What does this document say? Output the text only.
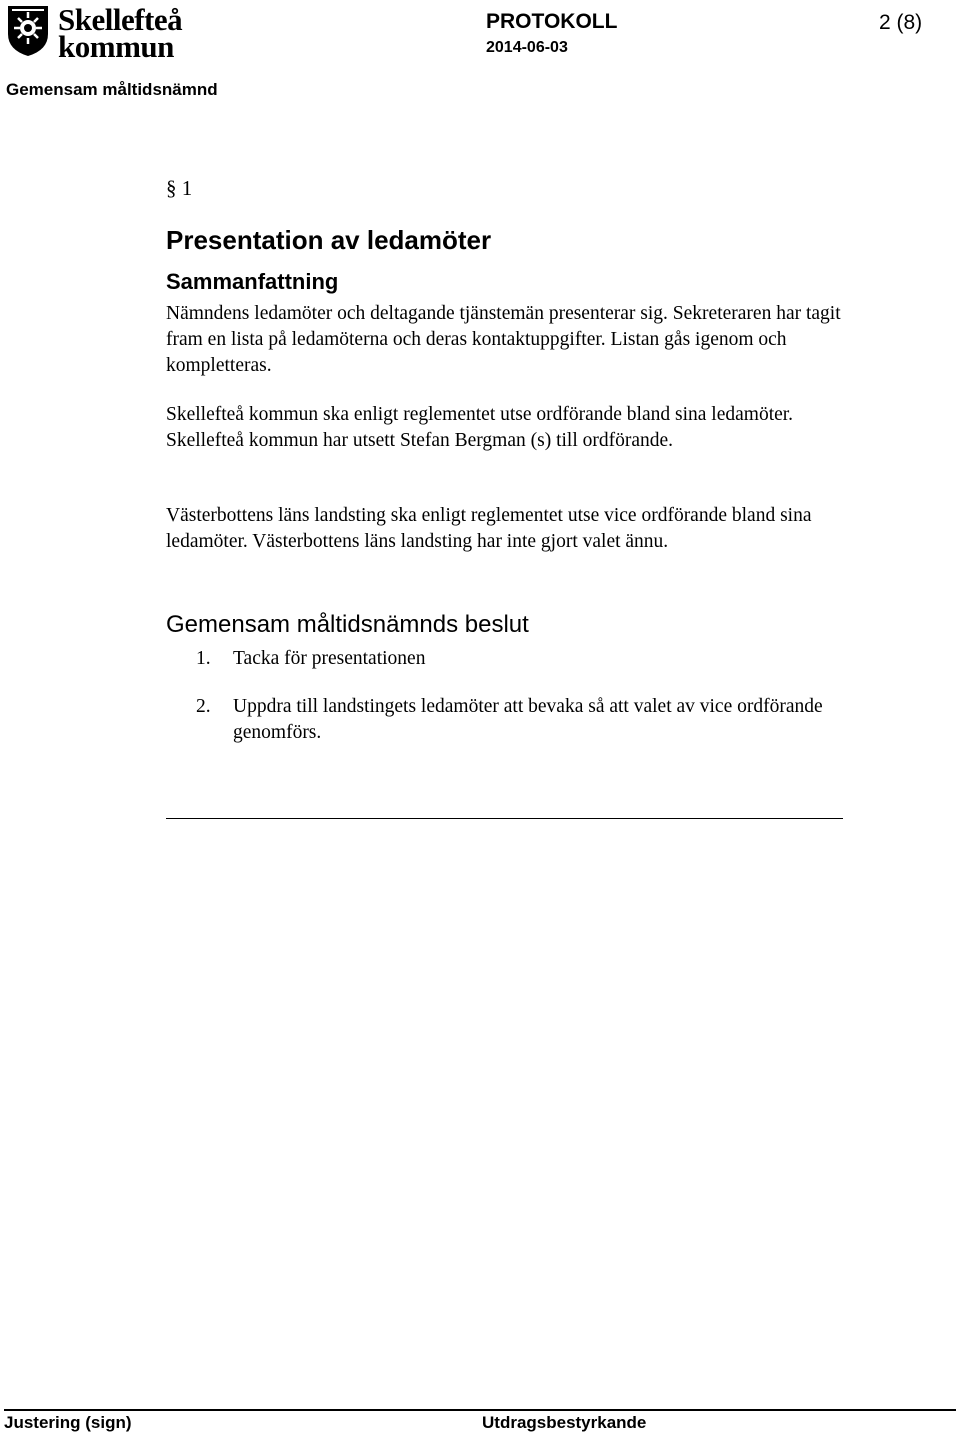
Skellefteå
kommun
PROTOKOLL
2014-06-03
2 (8)
Gemensam måltidsnämnd
§ 1
Presentation av ledamöter
Sammanfattning

Nämndens ledamöter och deltagande tjänstemän presenterar sig. Sekreteraren har tagit fram en lista på ledamöterna och deras kontaktuppgifter. Listan gås igenom och kompletteras.

Skellefteå kommun ska enligt reglementet utse ordförande bland sina ledamöter. Skellefteå kommun har utsett Stefan Bergman (s) till ordförande.

Västerbottens läns landsting ska enligt reglementet utse vice ordförande bland sina ledamöter. Västerbottens läns landsting har inte gjort valet ännu.

Gemensam måltidsnämnds beslut
1. Tacka för presentationen
2. Uppdra till landstingets ledamöter att bevaka så att valet av vice ordförande genomförs.
Justering (sign)	Utdragsbestyrkande
